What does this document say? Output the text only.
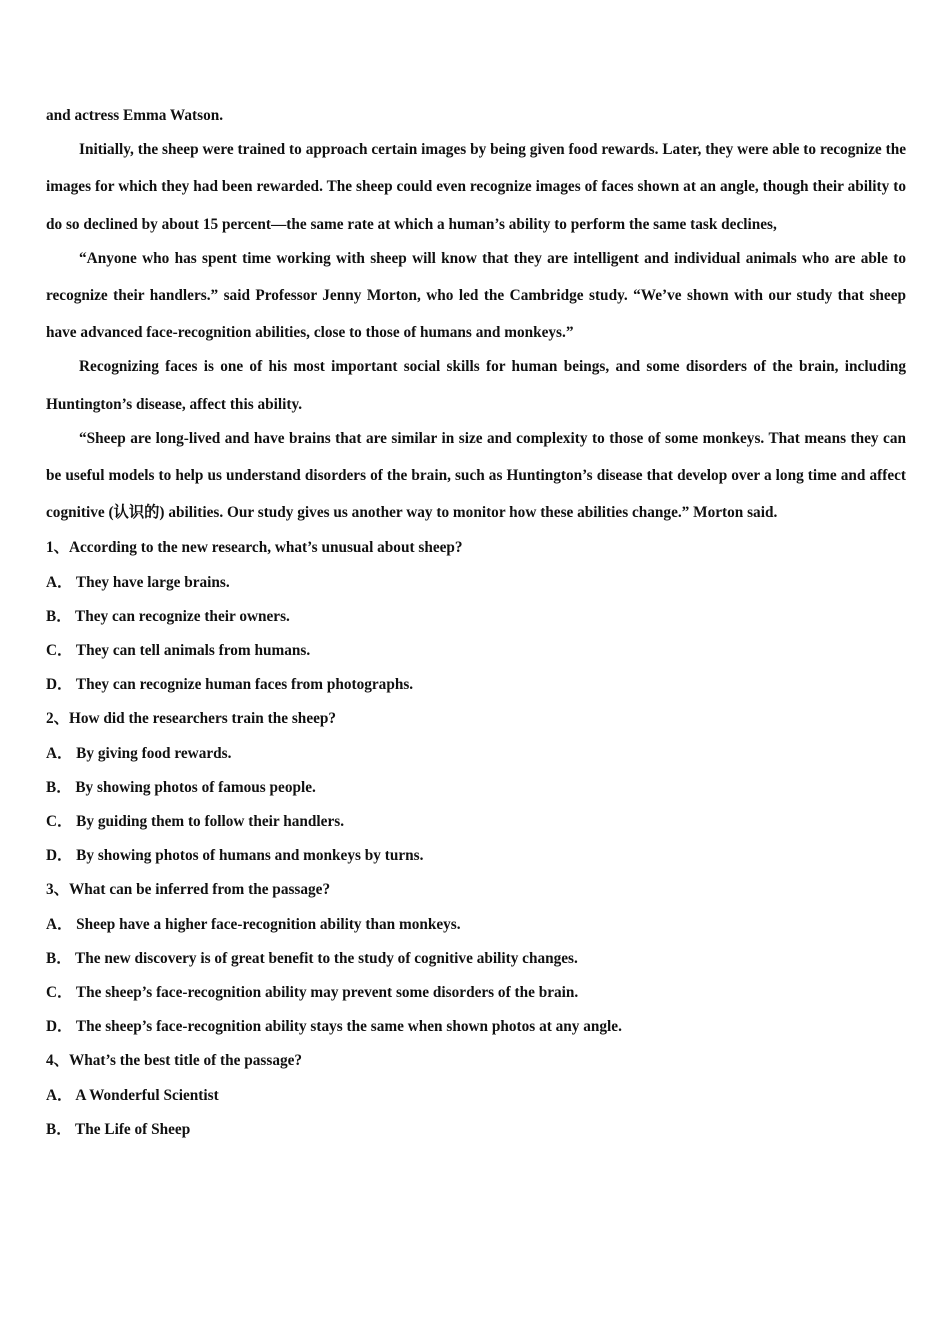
and actress Emma Watson.

Initially, the sheep were trained to approach certain images by being given food rewards. Later, they were able to recognize the images for which they had been rewarded. The sheep could even recognize images of faces shown at an angle, though their ability to do so declined by about 15 percent—the same rate at which a human’s ability to perform the same task declines,

“Anyone who has spent time working with sheep will know that they are intelligent and individual animals who are able to recognize their handlers.” said Professor Jenny Morton, who led the Cambridge study. “We’ve shown with our study that sheep have advanced face-recognition abilities, close to those of humans and monkeys.”

Recognizing faces is one of his most important social skills for human beings, and some disorders of the brain, including Huntington’s disease, affect this ability.

“Sheep are long-lived and have brains that are similar in size and complexity to those of some monkeys. That means they can be useful models to help us understand disorders of the brain, such as Huntington’s disease that develop over a long time and affect cognitive (认识的) abilities. Our study gives us another way to monitor how these abilities change.” Morton said.

1、According to the new research, what’s unusual about sheep?

A． They have large brains.

B． They can recognize their owners.

C． They can tell animals from humans.

D． They can recognize human faces from photographs.

2、How did the researchers train the sheep?

A． By giving food rewards.

B． By showing photos of famous people.

C． By guiding them to follow their handlers.

D． By showing photos of humans and monkeys by turns.

3、What can be inferred from the passage?

A． Sheep have a higher face-recognition ability than monkeys.

B． The new discovery is of great benefit to the study of cognitive ability changes.

C． The sheep’s face-recognition ability may prevent some disorders of the brain.

D． The sheep’s face-recognition ability stays the same when shown photos at any angle.

4、What’s the best title of the passage?

A． A Wonderful Scientist

B． The Life of Sheep
